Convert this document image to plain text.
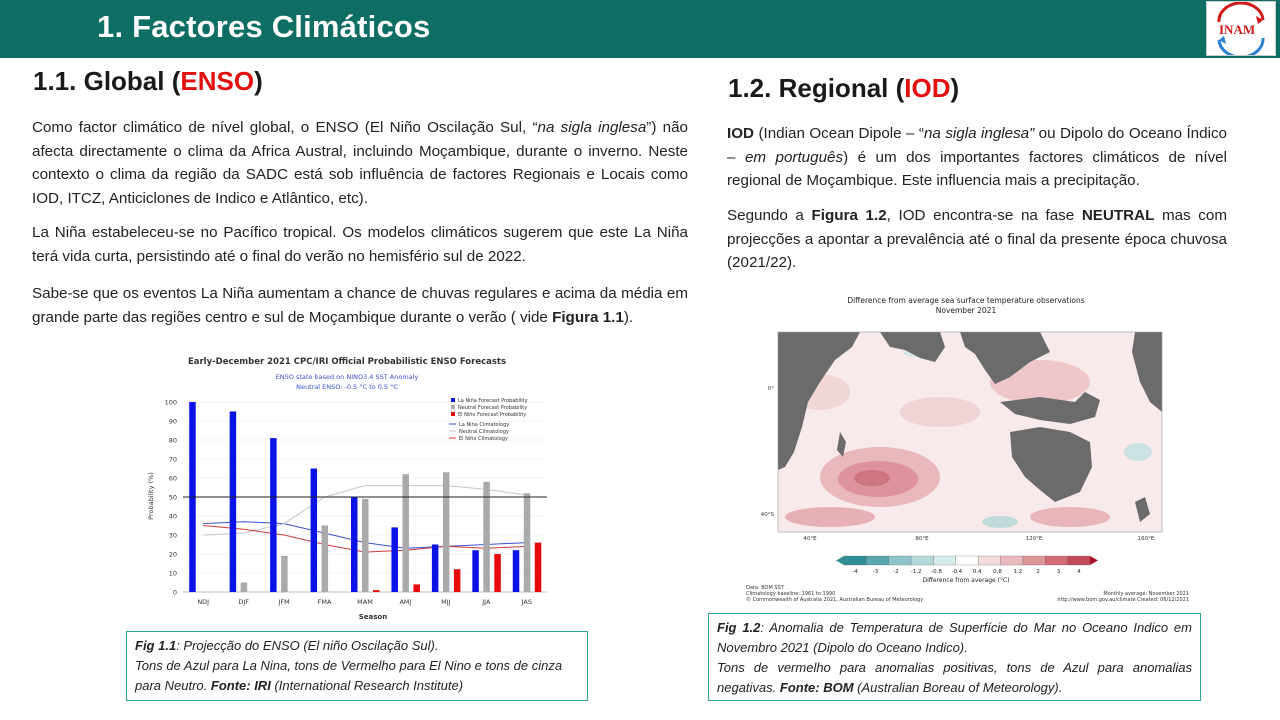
1. Factores Climáticos	INAM
1.1. Global (ENSO)

Como factor climático de nível global, o ENSO (El Niño Oscilação Sul, “na sigla inglesa”) não afecta directamente o clima da Africa Austral, incluindo Moçambique, durante o inverno. Neste contexto o clima da região da SADC está sob influência de factores Regionais e Locais como IOD, ITCZ, Anticiclones de Indico e Atlântico, etc).

La Niña estabeleceu-se no Pacífico tropical. Os modelos climáticos sugerem que este La Niña terá vida curta, persistindo até o final do verão no hemisfério sul de 2022.

Sabe-se que os eventos La Niña aumentam a chance de chuvas regulares e acima da média em grande parte das regiões centro e sul de Moçambique durante o verão ( vide Figura 1.1).

Early-December 2021 CPC/IRI Official Probabilistic ENSO Forecasts
ENSO state based on NINO3.4 SST Anomaly
Neutral ENSO: -0.5 °C to 0.5 °C
Probability (%)
Season
0
10
20
30
40
50
60
70
80
90
100
NDJ	DJF	JFM	FMA	MAM	AMJ	MJJ	JJA	JAS
La Niña Forecast Probability
Neutral Forecast Probability
El Niño Forecast Probability
La Niña Climatology
Neutral Climatology
El Niño Climatology
Fig 1.1: Projecção do ENSO (El niño Oscilação Sul).
Tons de Azul para La Nina, tons de Vermelho para El Nino e tons de cinza para Neutro. Fonte: IRI (International Research Institute)
1.2. Regional (IOD)

IOD (Indian Ocean Dipole – “na sigla inglesa” ou Dipolo do Oceano Índico – em português) é um dos importantes factores climáticos de nível regional de Moçambique. Este influencia mais a precipitação.

Segundo a Figura 1.2, IOD encontra-se na fase NEUTRAL mas com projecções a apontar a prevalência até o final da presente época chuvosa (2021/22).

Difference from average sea surface temperature observations
November 2021
0°
40°S
40°E	80°E	120°E	160°E
-4	-3	-2 -1.2 -0.8 -0.4 0.4 0.8 1.2	2	3	4
Difference from average (°C)
Data: BOM SST
Climatology baseline: 1961 to 1990
© Commonwealth of Australia 2021, Australian Bureau of Meteorology
Monthly average: November 2021
http://www.bom.gov.au/climate Created: 06/12/2021
Fig 1.2: Anomalia de Temperatura de Superfície do Mar no Oceano Indico em Novembro 2021 (Dipolo do Oceano Indico).
Tons de vermelho para anomalias positivas, tons de Azul para anomalias negativas. Fonte: BOM (Australian Boreau of Meteorology).
